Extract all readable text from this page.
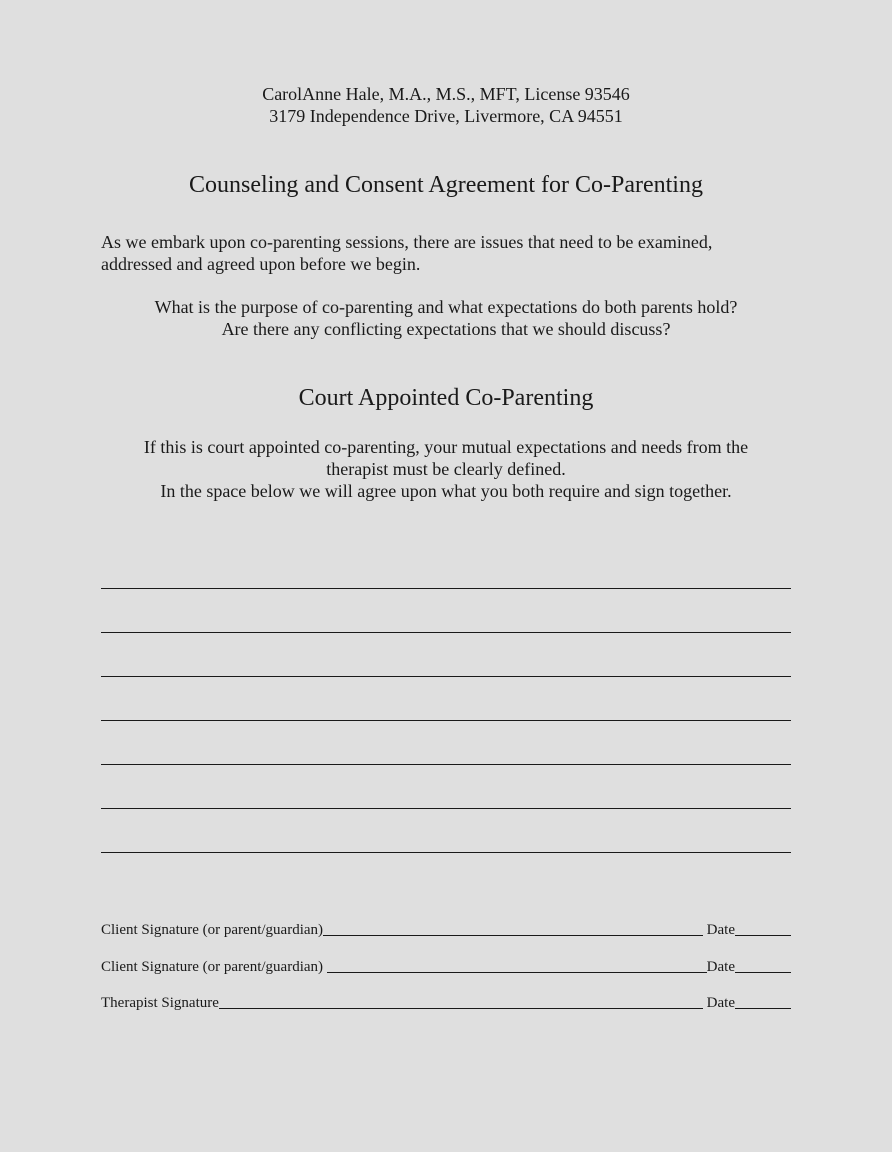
CarolAnne Hale, M.A., M.S., MFT, License 93546
3179 Independence Drive, Livermore, CA 94551
Counseling and Consent Agreement for Co-Parenting
As we embark upon co-parenting sessions, there are issues that need to be examined,
addressed and agreed upon before we begin.
What is the purpose of co-parenting and what expectations do both parents hold?
Are there any conflicting expectations that we should discuss?
Court Appointed Co-Parenting
If this is court appointed co-parenting, your mutual expectations and needs from the
therapist must be clearly defined.
In the space below we will agree upon what you both require and sign together.
Client Signature (or parent/guardian)	Date
Client Signature (or parent/guardian)	Date
Therapist Signature	Date
